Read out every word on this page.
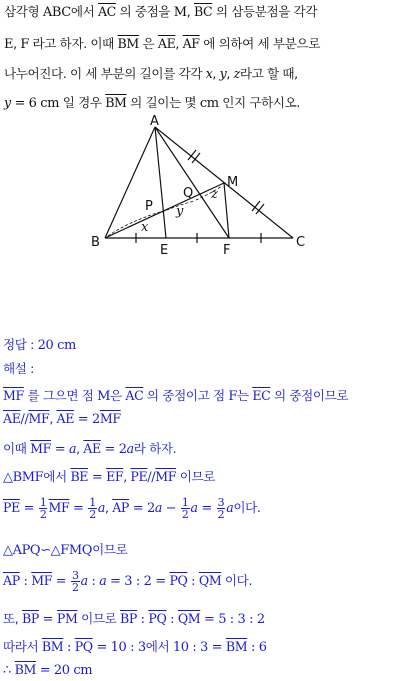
삼각형 ABC에서 $\overline{AC}$ 의 중점을 M, $\overline{BC}$ 의 삼등분점을 각각
E, F 라고 하자. 이때 $\overline{BM}$ 은 $\overline{AE}$, $\overline{AF}$ 에 의하여 세 부분으로
나누어진다. 이 세 부분의 길이를 각각 x, y, z라고 할 때,
y = 6 cm 일 경우 $\overline{BM}$ 의 길이는 몇 cm 인지 구하시오.
A
B	C
E	F
M
P
Q
x
y
z
정답 : 20 cm
해설 :
$\overline{MF}$ 를 그으면 점 M은 $\overline{AC}$ 의 중점이고 점 F는 $\overline{EC}$ 의 중점이므로
$\overline{AE}//\overline{MF}$, $\overline{AE} = 2\overline{MF}$
이때 $\overline{MF} = a$, $\overline{AE} = 2a$라 하자.
△BMF에서 $\overline{BE} = \overline{EF}$, $\overline{PE}//\overline{MF}$ 이므로
$\overline{PE} = \frac{1}{2} \overline{MF} = \frac{1}{2} a$, $\overline{AP} = 2a - \frac{1}{2}$ $a = \frac{3}{2}$ a이다.
△APQ∽△FMQ이므로
$\overline{AP}$ : $\overline{MF} = \frac{3}{2}$ a : a = 3 : $2 = \overline{PQ}$ : $\overline{QM}$ 이다.
또, $\overline{BP} = \overline{PM}$ 이므로 $\overline{BP}$ : $\overline{PQ}$ : $\overline{QM} = 5$ : 3 : 2
따라서 $\overline{BM}$ : $\overline{PQ} = 10$ : 3에서 10 : $3 = \overline{BM}$ : 6
∴ $\overline{BM} = 20$ cm
